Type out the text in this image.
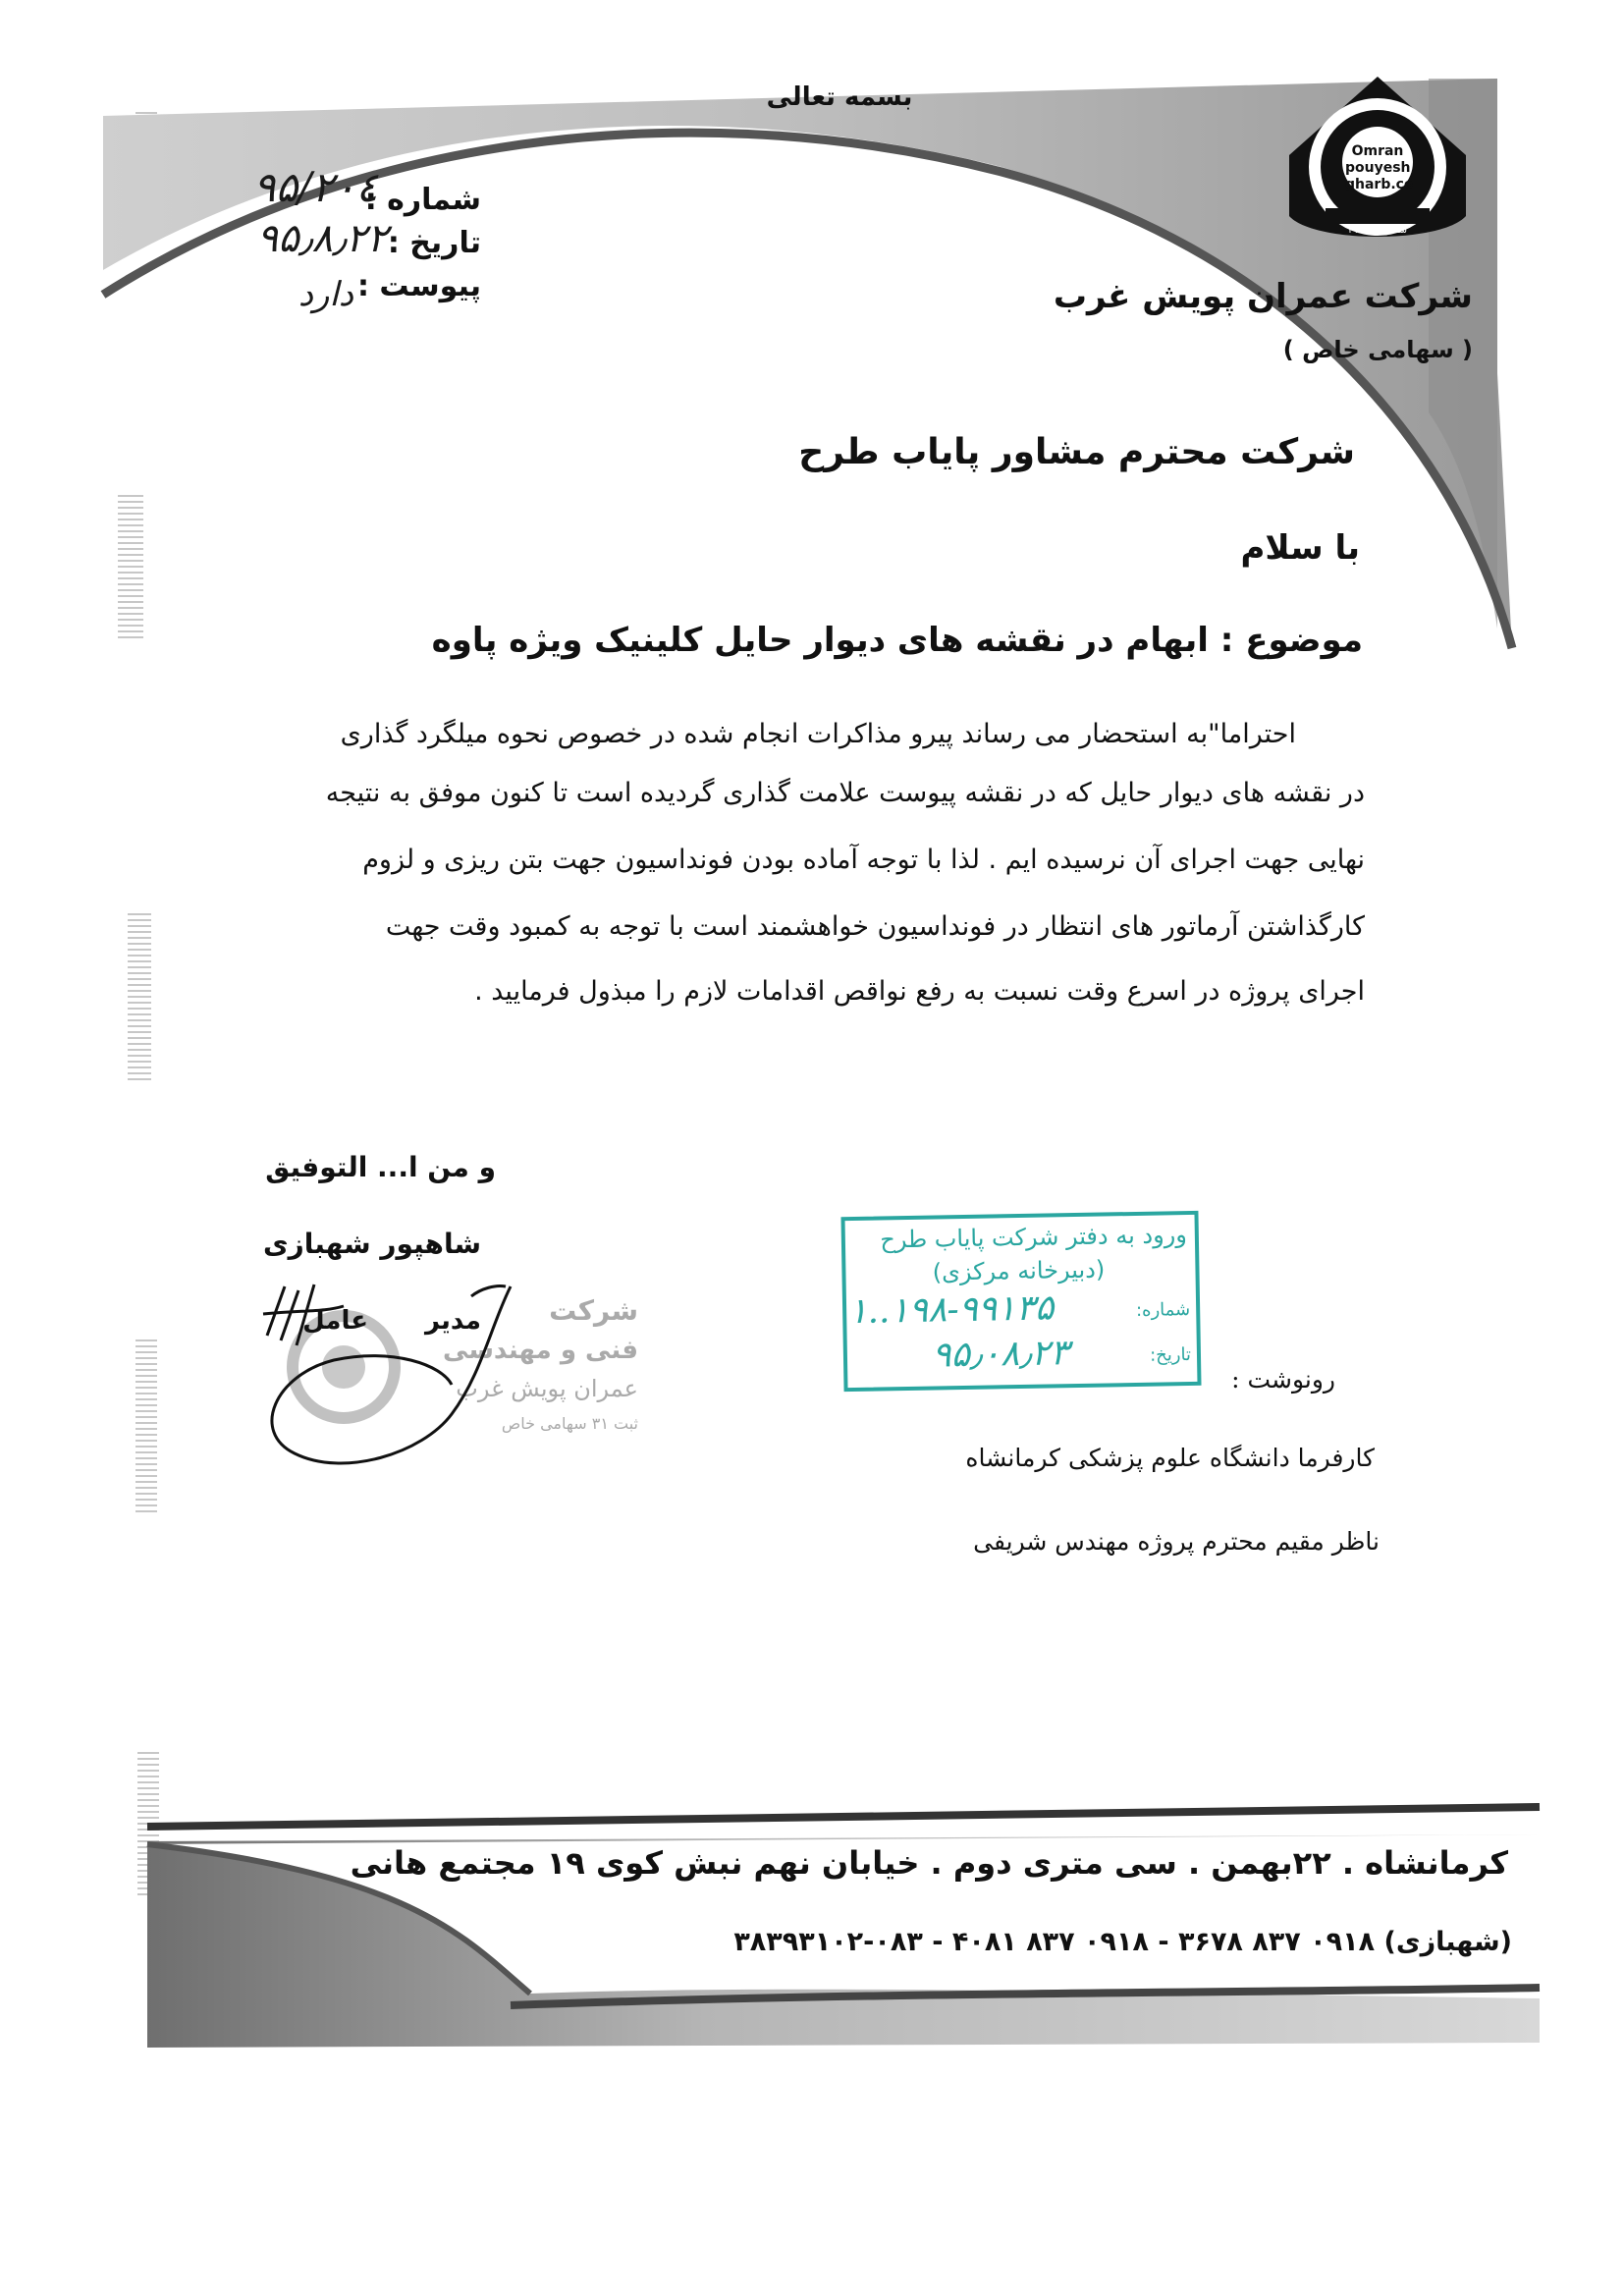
بسمه تعالی
Omran
pouyesh
gharb.co
شماره ثبت ۳۱
شرکت عمران پویش غرب
( سهامی خاص )
شماره :
۹۵/۲۰٤
تاریخ :
۹۵٫۸٫۲۲
پیوست :
دارد
شرکت محترم مشاور پایاب طرح
با سلام
موضوع : ابهام در نقشه های دیوار حایل کلینیک ویژه پاوه
احتراما"به استحضار می رساند پیرو مذاکرات انجام شده در خصوص نحوه میلگرد گذاری
در نقشه های دیوار حایل که در نقشه پیوست علامت گذاری گردیده است تا کنون موفق به نتیجه
نهایی جهت اجرای آن نرسیده ایم . لذا با توجه آماده بودن فونداسیون جهت بتن ریزی و لزوم
کارگذاشتن آرماتور های انتظار در فونداسیون خواهشمند است با توجه به کمبود وقت جهت
اجرای پروژه در اسرع وقت نسبت به رفع نواقص اقدامات لازم را مبذول فرمایید .
و من ا... التوفیق
شاهپور شهبازی
شرکت
فنی و مهندسی
عمران پویش غرب
ثبت ۳۱ سهامی خاص
مدیر
عامل
ورود به دفتر شرکت پایاب طرح
(دبیرخانه مرکزی)
شماره:
۱..۱۹۸-۹۹۱۳۵
تاریخ:
۹۵٫۰۸٫۲۳
رونوشت :
کارفرما دانشگاه علوم پزشکی کرمانشاه
ناظر مقیم محترم پروژه مهندس شریفی
کرمانشاه . ۲۲بهمن . سی متری دوم . خیابان نهم نبش کوی ۱۹ مجتمع هانی
(شهبازی) ۰۹۱۸ ۸۳۷ ۳۶۷۸ - ۰۹۱۸ ۸۳۷ ۴۰۸۱ - ۰۸۳-۳۸۳۹۳۱۰۲
